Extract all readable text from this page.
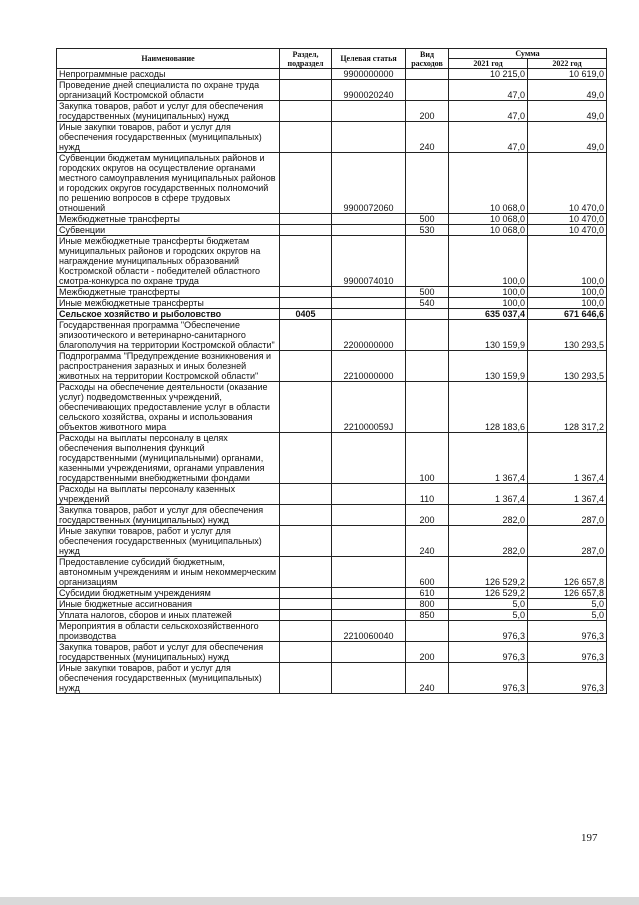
Наименование	Раздел, подраздел	Целевая статья	Вид расходов	Сумма	
				2021 год	2022 год
Непрограммные расходы		9900000000		10 215,0	10 619,0
Проведение дней специалиста по охране труда организаций Костромской области		9900020240		47,0	49,0
Закупка товаров, работ и услуг для обеспечения государственных (муниципальных) нужд			200	47,0	49,0
Иные закупки товаров, работ и услуг для обеспечения государственных (муниципальных) нужд			240	47,0	49,0
Субвенции бюджетам муниципальных районов и городских округов на осуществление органами местного самоуправления муниципальных районов и городских округов государственных полномочий по решению вопросов в сфере трудовых отношений		9900072060		10 068,0	10 470,0
Межбюджетные трансферты			500	10 068,0	10 470,0
Субвенции			530	10 068,0	10 470,0
Иные межбюджетные трансферты бюджетам муниципальных районов и городских округов на награждение муниципальных образований Костромской области - победителей областного смотра-конкурса по охране труда		9900074010		100,0	100,0
Межбюджетные трансферты			500	100,0	100,0
Иные межбюджетные трансферты			540	100,0	100,0
Сельское хозяйство и рыболовство	0405			635 037,4	671 646,6
Государственная программа "Обеспечение эпизоотического и ветеринарно-санитарного благополучия на территории Костромской области"		2200000000		130 159,9	130 293,5
Подпрограмма "Предупреждение возникновения и распространения заразных и иных болезней животных на территории Костромской области"		2210000000		130 159,9	130 293,5
Расходы на обеспечение деятельности (оказание услуг) подведомственных учреждений, обеспечивающих предоставление услуг в области сельского хозяйства, охраны и использования объектов животного мира		221000059J		128 183,6	128 317,2
Расходы на выплаты персоналу в целях обеспечения выполнения функций государственными (муниципальными) органами, казенными учреждениями, органами управления государственными внебюджетными фондами			100	1 367,4	1 367,4
Расходы на выплаты персоналу казенных учреждений			110	1 367,4	1 367,4
Закупка товаров, работ и услуг для обеспечения государственных (муниципальных) нужд			200	282,0	287,0
Иные закупки товаров, работ и услуг для обеспечения государственных (муниципальных) нужд			240	282,0	287,0
Предоставление субсидий бюджетным, автономным учреждениям и иным некоммерческим организациям			600	126 529,2	126 657,8
Субсидии бюджетным учреждениям			610	126 529,2	126 657,8
Иные бюджетные ассигнования			800	5,0	5,0
Уплата налогов, сборов и иных платежей			850	5,0	5,0
Мероприятия в области сельскохозяйственного производства		2210060040		976,3	976,3
Закупка товаров, работ и услуг для обеспечения государственных (муниципальных) нужд			200	976,3	976,3
Иные закупки товаров, работ и услуг для обеспечения государственных (муниципальных) нужд			240	976,3	976,3
197
